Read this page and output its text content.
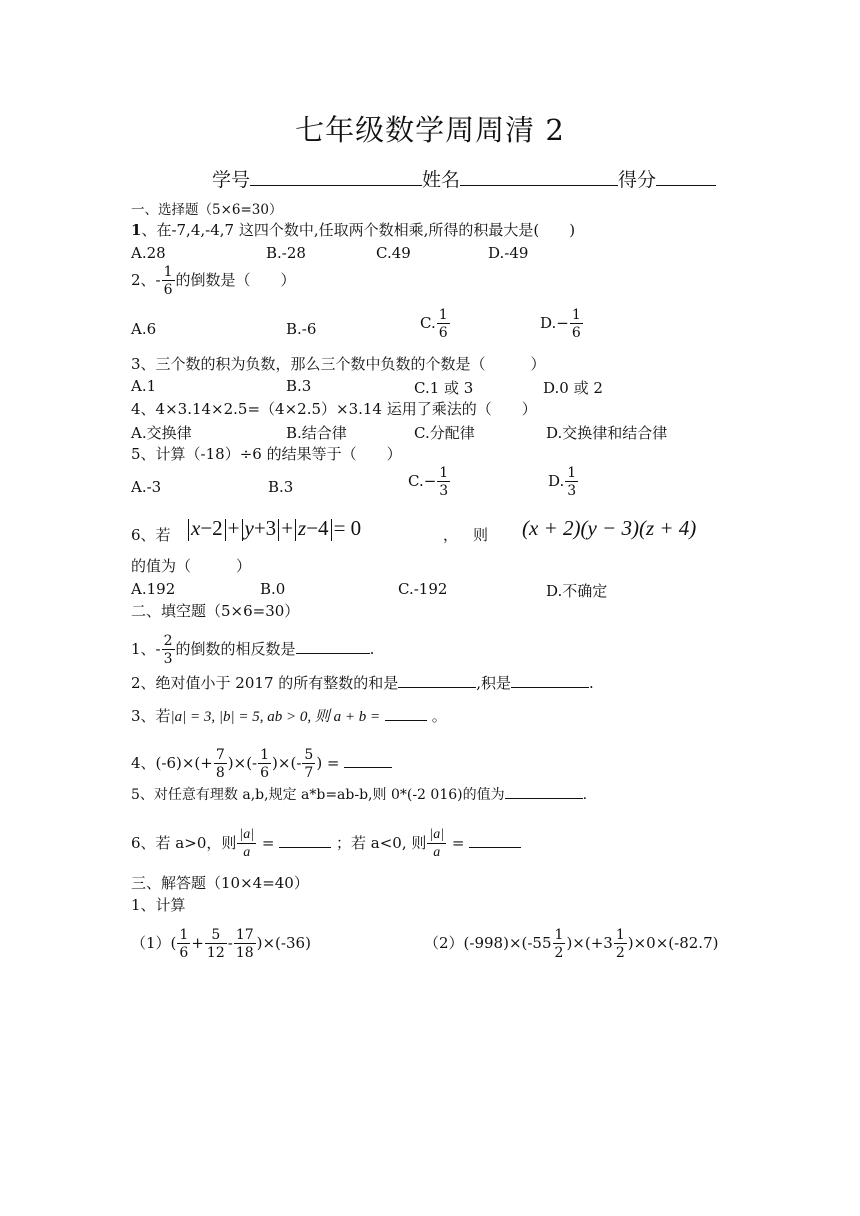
七年级数学周周清 2
学号	姓名	得分
一、选择题（5×6=30）
1、在-7,4,-4,7 这四个数中,任取两个数相乘,所得的积最大是(　　)
A.28	B.-28	C.49	D.-49
2、- $\frac{1}{6}$ 的倒数是（　　）
A.6	B.-6	C. $\frac{1}{6}$	$D.- \frac{1}{6}$
3、三个数的积为负数，那么三个数中负数的个数是（　　　）
A.1	B.3	C.1 或 3	D.0 或 2
4、4×3.14×2.5=（4×2.5）×3.14 运用了乘法的（　　）
A.交换律	B.结合律	C.分配律	D.交换律和结合律
5、计算（-18）÷6 的结果等于（　　）
A.-3	B.3	$C.- \frac{1}{3}$	D. $\frac{1}{3}$
6、若 x−2 + y+3 + z−4 = 0	， 则 (x + 2)(y − 3)(z + 4)
的值为（　　　）
A.192	B.0	C.-192	D.不确定
二、填空题（5×6=30）
1、- $\frac{2}{3}$ 的倒数的相反数是	.
2、绝对值小于 2017 的所有整数的和是	,积是	.
3、若|a| = 3, |b| = 5, ab > 0, 则 a + b =	。
4、$(-6)\times(+ \frac{7}{8}$ )×(- $\frac{1}{6}$ )×(- $\frac{5}{7}$ ) =
5、对任意有理数 a,b,规定 a*b=ab-b,则 0*(-2 016)的值为	.
6、若 a>0，则 $\frac{|a|}{a}$ =	；若 a<0, 则 $\frac{|a|}{a}$ =
三、解答题（10×4=40）
1、计算
$(1)( \frac{1}{6} + \frac{5}{12} - \frac{17}{18} )\times(-36)$	$(2)(-998)\times(-55 \frac{1}{2} )\times(+3 \frac{1}{2} )\times 0\times(-82.7)$
